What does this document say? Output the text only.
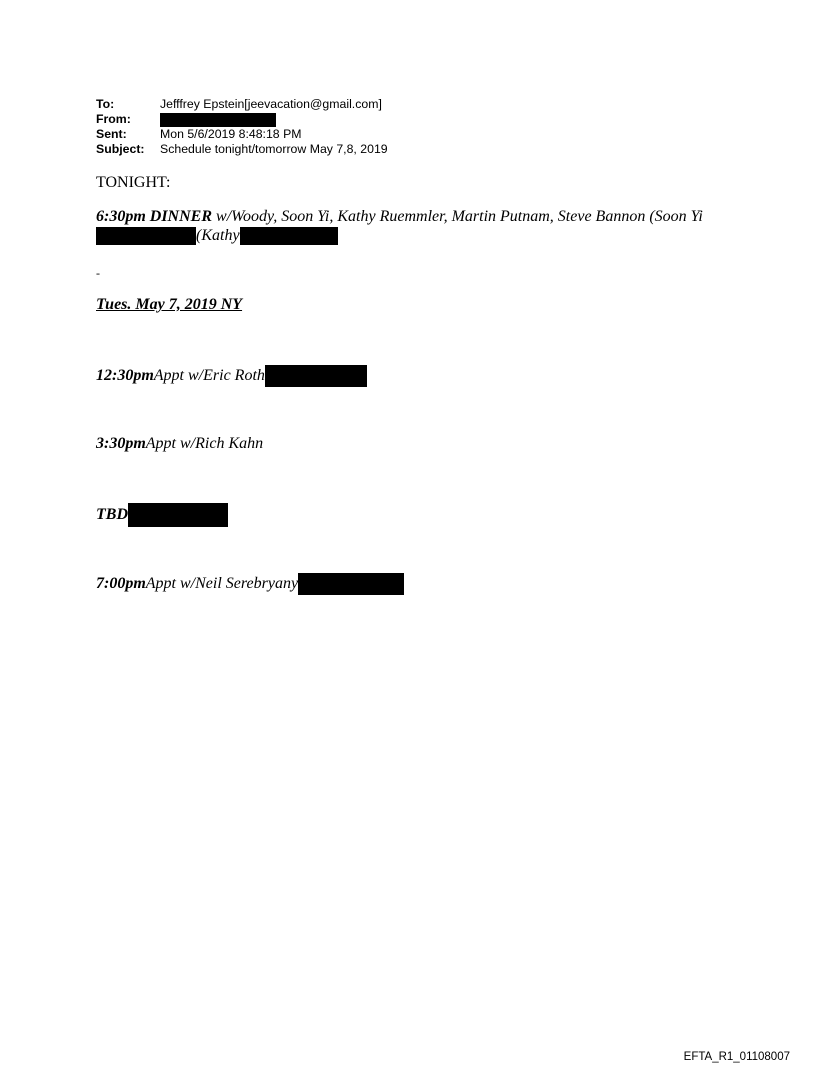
To:	Jefffrey Epstein[jeevacation@gmail.com]
From:
Sent:	Mon 5/6/2019 8:48:18 PM
Subject:	Schedule tonight/tomorrow May 7,8, 2019
TONIGHT:
6:30pm DINNER w/Woody, Soon Yi, Kathy Ruemmler, Martin Putnam, Steve Bannon (Soon Yi
(Kathy
-
Tues. May 7, 2019 NY
12:30pm Appt w/Eric Roth
3:30pm Appt w/Rich Kahn
TBD
7:00pm Appt w/Neil Serebryany
EFTA_R1_01108007
